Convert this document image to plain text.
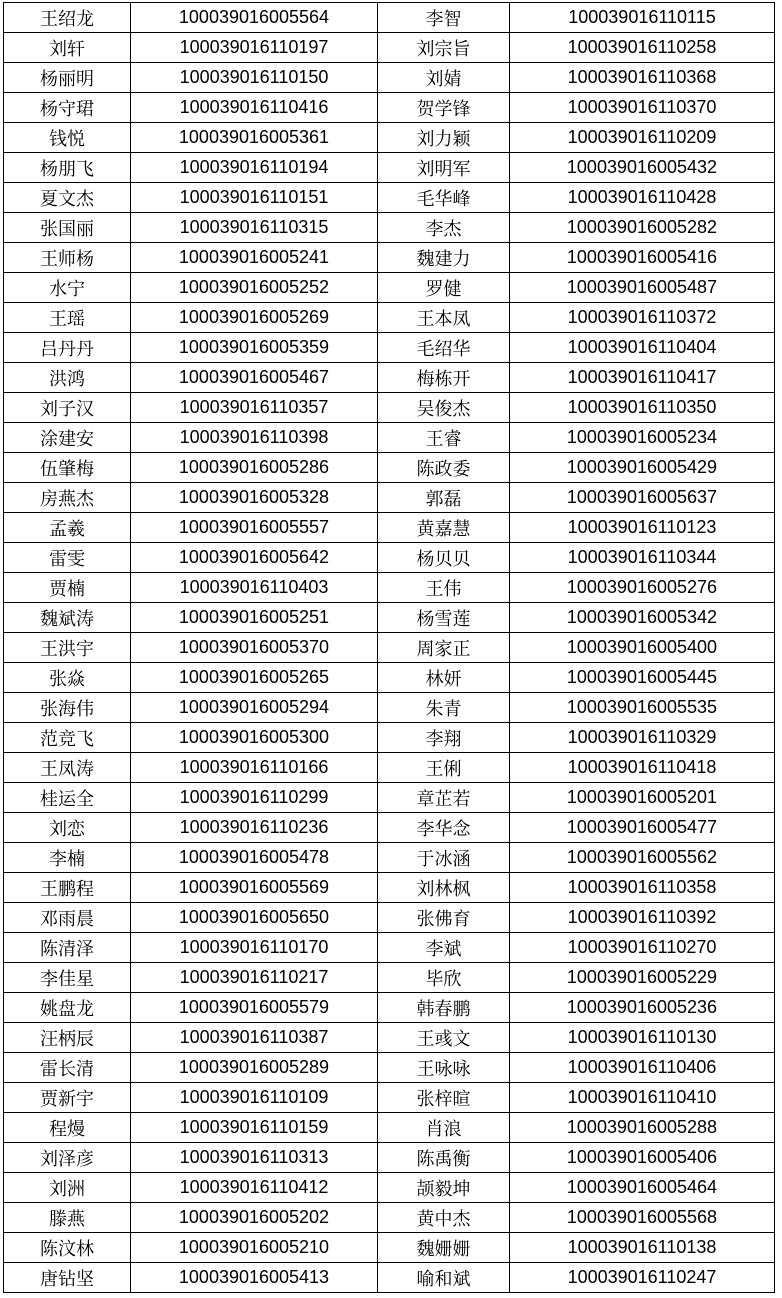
王绍龙	100039016005564	李智	100039016110115
刘轩	100039016110197	刘宗旨	100039016110258
杨丽明	100039016110150	刘婧	100039016110368
杨守珺	100039016110416	贺学锋	100039016110370
钱悦	100039016005361	刘力颖	100039016110209
杨朋飞	100039016110194	刘明军	100039016005432
夏文杰	100039016110151	毛华峰	100039016110428
张国丽	100039016110315	李杰	100039016005282
王师杨	100039016005241	魏建力	100039016005416
水宁	100039016005252	罗健	100039016005487
王瑶	100039016005269	王本凤	100039016110372
吕丹丹	100039016005359	毛绍华	100039016110404
洪鸿	100039016005467	梅栋开	100039016110417
刘子汉	100039016110357	吴俊杰	100039016110350
涂建安	100039016110398	王睿	100039016005234
伍肇梅	100039016005286	陈政委	100039016005429
房燕杰	100039016005328	郭磊	100039016005637
孟羲	100039016005557	黄嘉慧	100039016110123
雷雯	100039016005642	杨贝贝	100039016110344
贾楠	100039016110403	王伟	100039016005276
魏斌涛	100039016005251	杨雪莲	100039016005342
王洪宇	100039016005370	周家正	100039016005400
张焱	100039016005265	林妍	100039016005445
张海伟	100039016005294	朱青	100039016005535
范竞飞	100039016005300	李翔	100039016110329
王凤涛	100039016110166	王俐	100039016110418
桂运全	100039016110299	章芷若	100039016005201
刘恋	100039016110236	李华念	100039016005477
李楠	100039016005478	于冰涵	100039016005562
王鹏程	100039016005569	刘林枫	100039016110358
邓雨晨	100039016005650	张佛育	100039016110392
陈清泽	100039016110170	李斌	100039016110270
李佳星	100039016110217	毕欣	100039016005229
姚盘龙	100039016005579	韩春鹏	100039016005236
汪柄辰	100039016110387	王彧文	100039016110130
雷长清	100039016005289	王咏咏	100039016110406
贾新宇	100039016110109	张梓暄	100039016110410
程熳	100039016110159	肖浪	100039016005288
刘泽彦	100039016110313	陈禹衡	100039016005406
刘洲	100039016110412	颉毅坤	100039016005464
滕燕	100039016005202	黄中杰	100039016005568
陈汶林	100039016005210	魏姗姗	100039016110138
唐钻坚	100039016005413	喻和斌	100039016110247
